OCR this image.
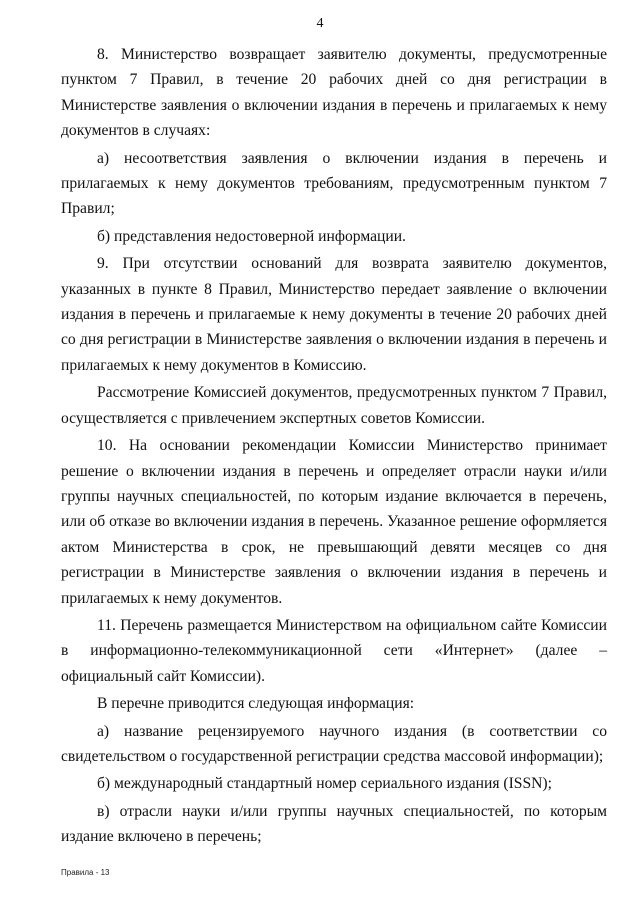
4

8. Министерство возвращает заявителю документы, предусмотренные пунктом 7 Правил, в течение 20 рабочих дней со дня регистрации в Министерстве заявления о включении издания в перечень и прилагаемых к нему документов в случаях:

а) несоответствия заявления о включении издания в перечень и прилагаемых к нему документов требованиям, предусмотренным пунктом 7 Правил;

б) представления недостоверной информации.

9. При отсутствии оснований для возврата заявителю документов, указанных в пункте 8 Правил, Министерство передает заявление о включении издания в перечень и прилагаемые к нему документы в течение 20 рабочих дней со дня регистрации в Министерстве заявления о включении издания в перечень и прилагаемых к нему документов в Комиссию.

Рассмотрение Комиссией документов, предусмотренных пунктом 7 Правил, осуществляется с привлечением экспертных советов Комиссии.

10. На основании рекомендации Комиссии Министерство принимает решение о включении издания в перечень и определяет отрасли науки и/или группы научных специальностей, по которым издание включается в перечень, или об отказе во включении издания в перечень. Указанное решение оформляется актом Министерства в срок, не превышающий девяти месяцев со дня регистрации в Министерстве заявления о включении издания в перечень и прилагаемых к нему документов.

11. Перечень размещается Министерством на официальном сайте Комиссии в информационно-телекоммуникационной сети «Интернет» (далее – официальный сайт Комиссии).

В перечне приводится следующая информация:

а) название рецензируемого научного издания (в соответствии со свидетельством о государственной регистрации средства массовой информации);

б) международный стандартный номер сериального издания (ISSN);

в) отрасли науки и/или группы научных специальностей, по которым издание включено в перечень;

Правила - 13
